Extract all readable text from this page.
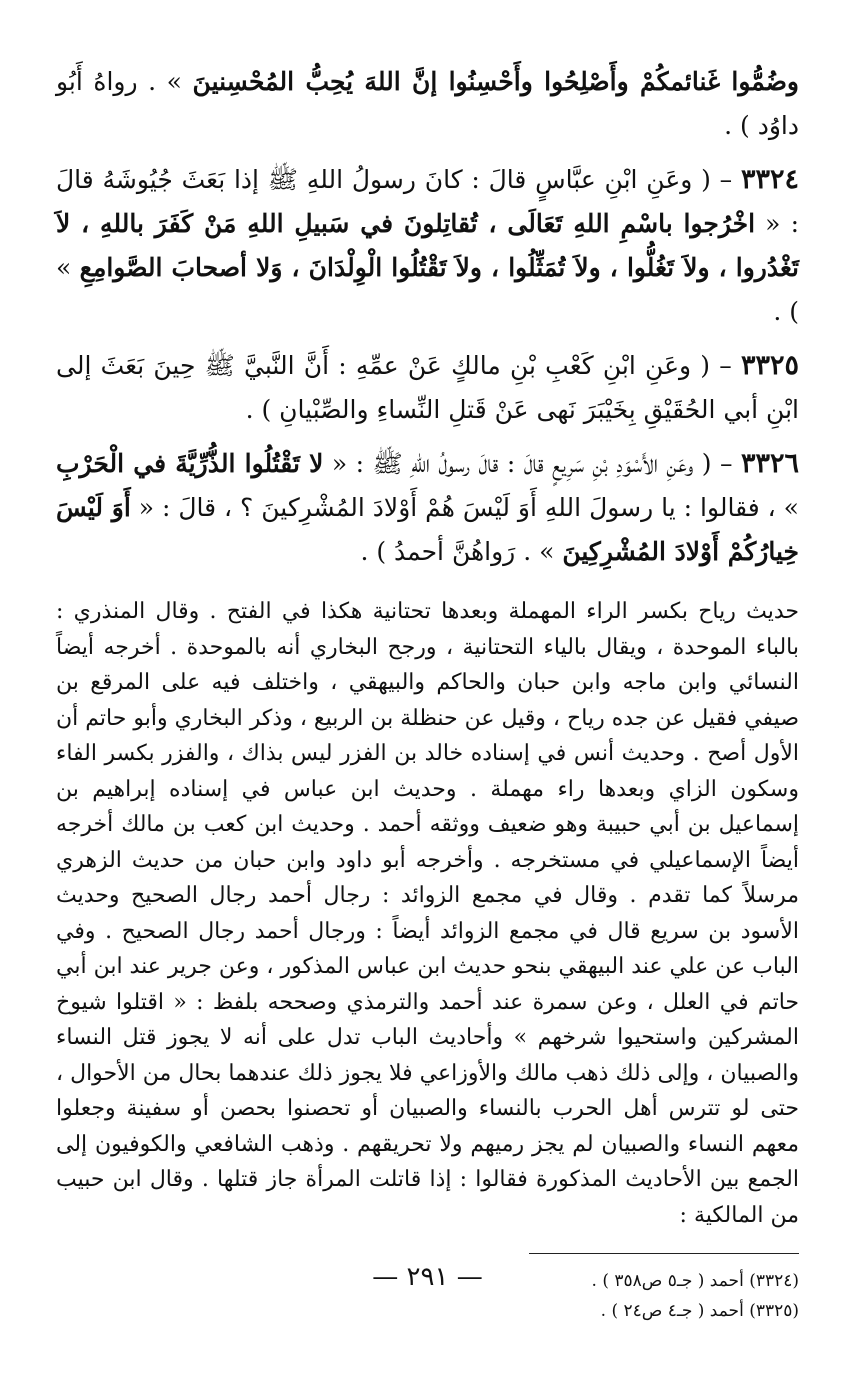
وضُمُّوا غَنائمكُمْ وأَصْلِحُوا وأَحْسِنُوا إنَّ اللهَ يُحِبُّ المُحْسِنينَ » . رواهُ أَبُو داوُد ) .

٣٣٢٤ – ( وعَنِ ابْنِ عبَّاسٍ قالَ : كانَ رسولُ اللهِ ﷺ إذا بَعَثَ جُيُوشَهُ قالَ : « اخْرُجوا باسْمِ اللهِ تَعَالَى ، تُقاتِلونَ في سَبيلِ اللهِ مَنْ كَفَرَ باللهِ ، لاَ تَغْدُروا ، ولاَ تَغُلُّوا ، ولاَ تُمَثِّلُوا ، ولاَ تَقْتُلُوا الْوِلْدَانَ ، وَلا أصحابَ الصَّوامِعِ » ) .

٣٣٢٥ – ( وعَنِ ابْنِ كَعْبِ بْنِ مالكٍ عَنْ عمِّهِ : أَنَّ النَّبيَّ ﷺ حِينَ بَعَثَ إلى ابْنِ أبي الحُقَيْقِ بِخَيْبَرَ نَهى عَنْ قَتلِ النِّساءِ والصِّبْيانِ ) .

٣٣٢٦ – ( وعَنِ الأَسْوَدِ بْنِ سَرِيعٍ قالَ : قالَ رسولُ اللهِ ﷺ : « لا تَقْتُلُوا الذُّرِّيَّةَ في الْحَرْبِ » ، فقالوا : يا رسولَ اللهِ أَوَ لَيْسَ هُمْ أَوْلادَ المُشْرِكينَ ؟ ، قالَ : « أَوَ لَيْسَ خِيارُكُمْ أَوْلادَ المُشْرِكِينَ » . رَواهُنَّ أحمدُ ) .

حديث رياح بكسر الراء المهملة وبعدها تحتانية هكذا في الفتح . وقال المنذري : بالباء الموحدة ، ويقال بالياء التحتانية ، ورجح البخاري أنه بالموحدة . أخرجه أيضاً النسائي وابن ماجه وابن حبان والحاكم والبيهقي ، واختلف فيه على المرقع بن صيفي فقيل عن جده رياح ، وقيل عن حنظلة بن الربيع ، وذكر البخاري وأبو حاتم أن الأول أصح . وحديث أنس في إسناده خالد بن الفزر ليس بذاك ، والفزر بكسر الفاء وسكون الزاي وبعدها راء مهملة . وحديث ابن عباس في إسناده إبراهيم بن إسماعيل بن أبي حبيبة وهو ضعيف ووثقه أحمد . وحديث ابن كعب بن مالك أخرجه أيضاً الإسماعيلي في مستخرجه . وأخرجه أبو داود وابن حبان من حديث الزهري مرسلاً كما تقدم . وقال في مجمع الزوائد : رجال أحمد رجال الصحيح وحديث الأسود بن سريع قال في مجمع الزوائد أيضاً : ورجال أحمد رجال الصحيح . وفي الباب عن علي عند البيهقي بنحو حديث ابن عباس المذكور ، وعن جرير عند ابن أبي حاتم في العلل ، وعن سمرة عند أحمد والترمذي وصححه بلفظ : « اقتلوا شيوخ المشركين واستحيوا شرخهم » وأحاديث الباب تدل على أنه لا يجوز قتل النساء والصبيان ، وإلى ذلك ذهب مالك والأوزاعي فلا يجوز ذلك عندهما بحال من الأحوال ، حتى لو تترس أهل الحرب بالنساء والصبيان أو تحصنوا بحصن أو سفينة وجعلوا معهم النساء والصبيان لم يجز رميهم ولا تحريقهم . وذهب الشافعي والكوفيون إلى الجمع بين الأحاديث المذكورة فقالوا : إذا قاتلت المرأة جاز قتلها . وقال ابن حبيب من المالكية :

(٣٣٢٤) أحمد ( جـ٥ ص٣٥٨ ) .
(٣٣٢٥) أحمد ( جـ٤ ص٢٤ ) .
— ٢٩١ —
